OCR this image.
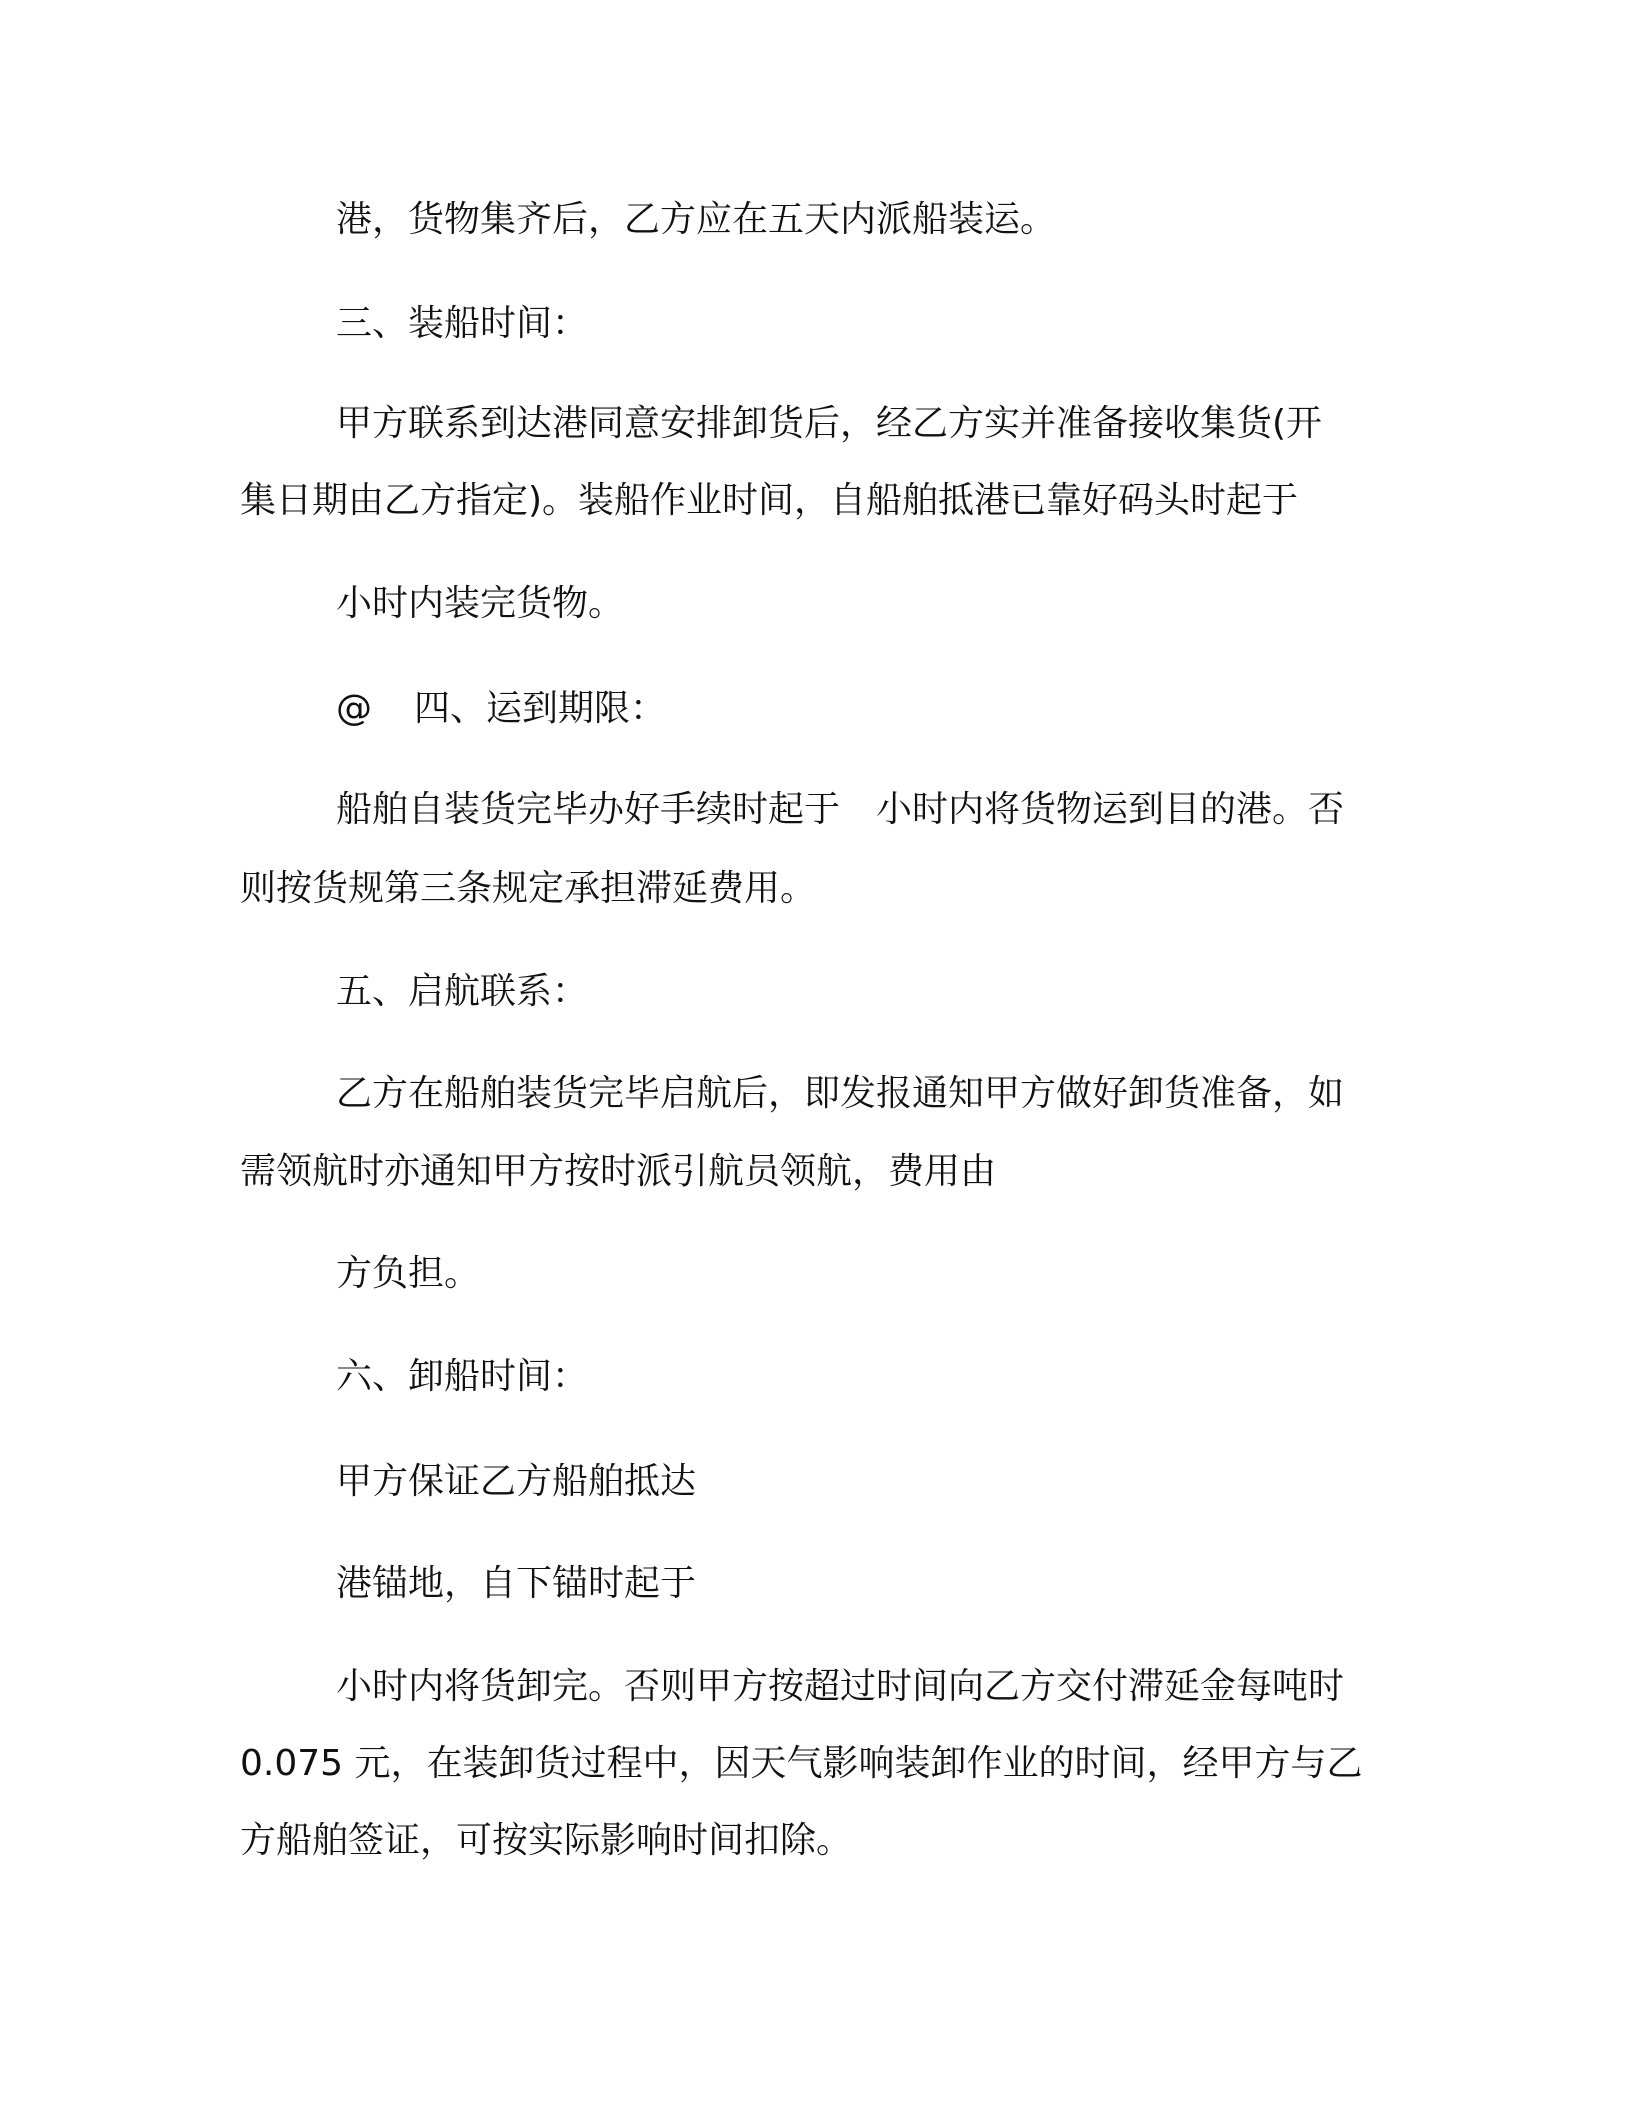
港，货物集齐后，乙方应在五天内派船装运。
三、装船时间：
甲方联系到达港同意安排卸货后，经乙方实并准备接收集货(开
集日期由乙方指定)。装船作业时间，自船舶抵港已靠好码头时起于
小时内装完货物。
@ 四、运到期限：
船舶自装货完毕办好手续时起于　小时内将货物运到目的港。否
则按货规第三条规定承担滞延费用。
五、启航联系：
乙方在船舶装货完毕启航后，即发报通知甲方做好卸货准备，如
需领航时亦通知甲方按时派引航员领航，费用由
方负担。
六、卸船时间：
甲方保证乙方船舶抵达
港锚地，自下锚时起于
小时内将货卸完。否则甲方按超过时间向乙方交付滞延金每吨时
0.075 元，在装卸货过程中，因天气影响装卸作业的时间，经甲方与乙
方船舶签证，可按实际影响时间扣除。
